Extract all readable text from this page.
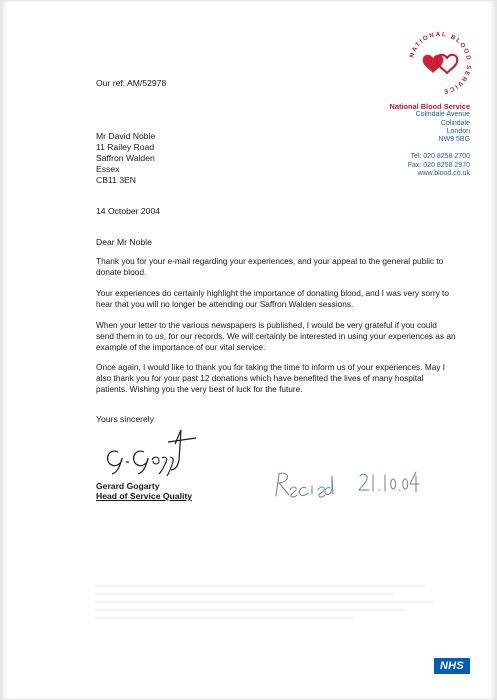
NATIONAL BLOOD SERVICE
Our ref: AM/52978
National Blood Service
Colindale Avenue
Colindale
London
NW9 5BG
Tel: 020 8258 2700
Fax: 020 8258 2970
www.blood.co.uk
Mr David Noble
11 Railey Road
Saffron Walden
Essex
CB11 3EN
14 October 2004
Dear Mr Noble
Thank you for your e-mail regarding your experiences, and your appeal to the general public to donate blood.
Your experiences do certainly highlight the importance of donating blood, and I was very sorry to hear that you will no longer be attending our Saffron Walden sessions.
When your letter to the various newspapers is published, I would be very grateful if you could send them in to us, for our records. We will certainly be interested in using your experiences as an example of the importance of our vital service.
Once again, I would like to thank you for taking the time to inform us of your experiences. May I also thank you for your past 12 donations which have benefited the lives of many hospital patients. Wishing you the very best of luck for the future.
Yours sincerely
Gerard Gogarty
Head of Service Quality
NHS
